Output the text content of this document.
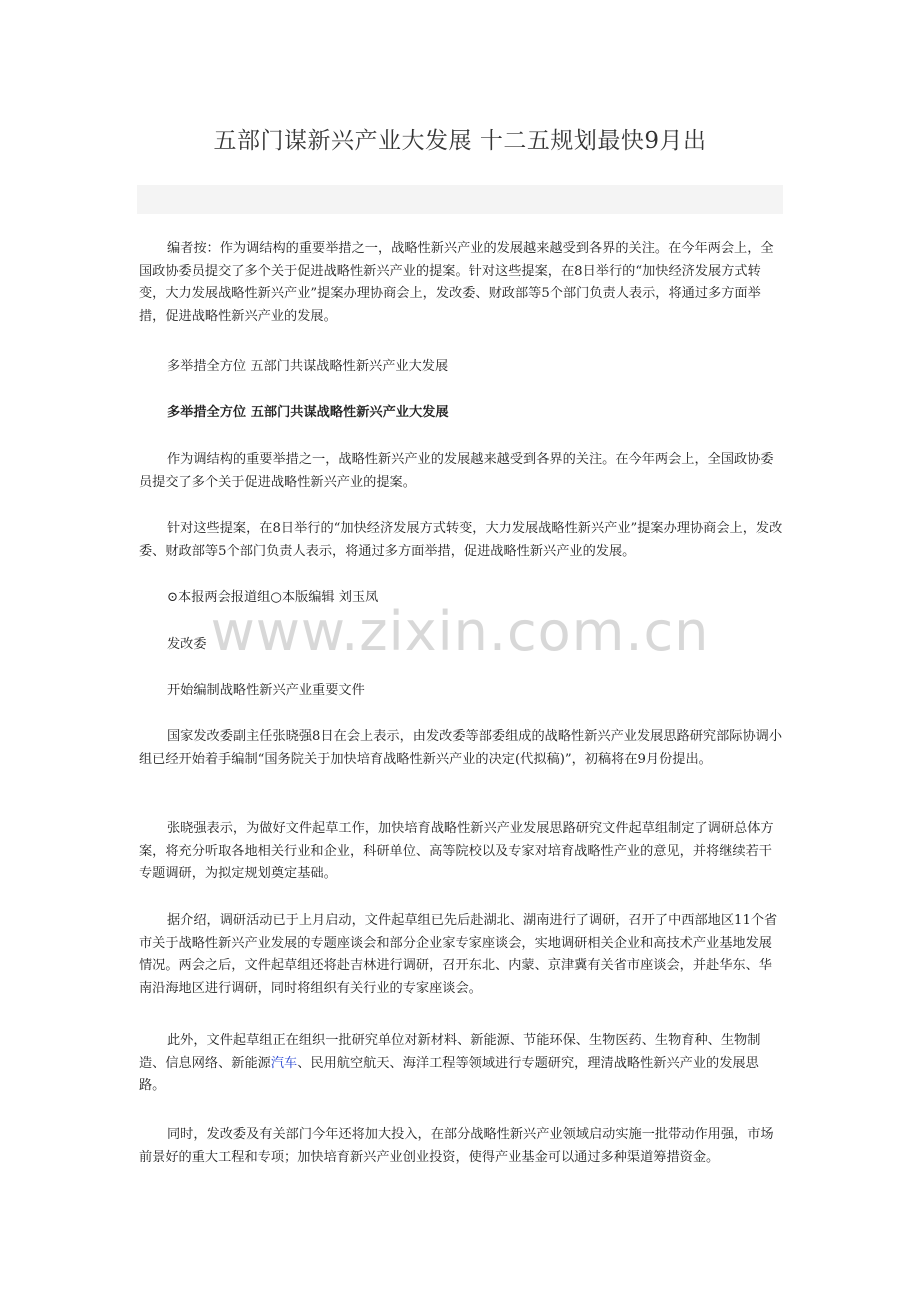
五部门谋新兴产业大发展 十二五规划最快9月出
www.zixin.com.cn

编者按：作为调结构的重要举措之一，战略性新兴产业的发展越来越受到各界的关注。在今年两会上，全国政协委员提交了多个关于促进战略性新兴产业的提案。针对这些提案，在8日举行的“加快经济发展方式转变，大力发展战略性新兴产业”提案办理协商会上，发改委、财政部等5个部门负责人表示，将通过多方面举措，促进战略性新兴产业的发展。

多举措全方位 五部门共谋战略性新兴产业大发展

多举措全方位 五部门共谋战略性新兴产业大发展

作为调结构的重要举措之一，战略性新兴产业的发展越来越受到各界的关注。在今年两会上，全国政协委员提交了多个关于促进战略性新兴产业的提案。

针对这些提案，在8日举行的“加快经济发展方式转变，大力发展战略性新兴产业”提案办理协商会上，发改委、财政部等5个部门负责人表示，将通过多方面举措，促进战略性新兴产业的发展。

⊙本报两会报道组○本版编辑 刘玉凤

发改委

开始编制战略性新兴产业重要文件

国家发改委副主任张晓强8日在会上表示，由发改委等部委组成的战略性新兴产业发展思路研究部际协调小组已经开始着手编制“国务院关于加快培育战略性新兴产业的决定(代拟稿)”，初稿将在9月份提出。

张晓强表示，为做好文件起草工作，加快培育战略性新兴产业发展思路研究文件起草组制定了调研总体方案，将充分听取各地相关行业和企业，科研单位、高等院校以及专家对培育战略性产业的意见，并将继续若干专题调研，为拟定规划奠定基础。

据介绍，调研活动已于上月启动，文件起草组已先后赴湖北、湖南进行了调研，召开了中西部地区11个省市关于战略性新兴产业发展的专题座谈会和部分企业家专家座谈会，实地调研相关企业和高技术产业基地发展情况。两会之后，文件起草组还将赴吉林进行调研，召开东北、内蒙、京津冀有关省市座谈会，并赴华东、华南沿海地区进行调研，同时将组织有关行业的专家座谈会。

此外，文件起草组正在组织一批研究单位对新材料、新能源、节能环保、生物医药、生物育种、生物制造、信息网络、新能源汽车、民用航空航天、海洋工程等领域进行专题研究，理清战略性新兴产业的发展思路。

同时，发改委及有关部门今年还将加大投入，在部分战略性新兴产业领域启动实施一批带动作用强，市场前景好的重大工程和专项；加快培育新兴产业创业投资，使得产业基金可以通过多种渠道筹措资金。
